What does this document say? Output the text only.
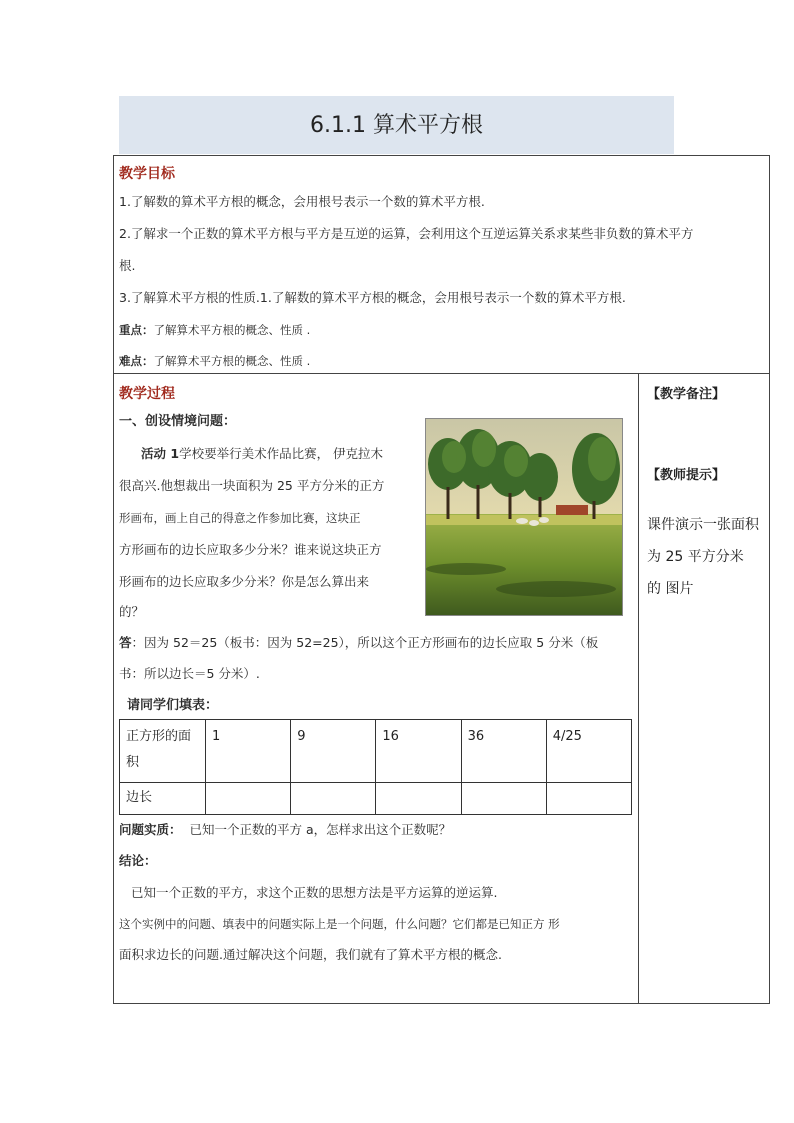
6.1.1 算术平方根
教学目标
1.了解数的算术平方根的概念，会用根号表示一个数的算术平方根.
2.了解求一个正数的算术平方根与平方是互逆的运算，会利用这个互逆运算关系求某些非负数的算术平方
根.
3.了解算术平方根的性质.1.了解数的算术平方根的概念，会用根号表示一个数的算术平方根.
重点：了解算术平方根的概念、性质 .
难点：了解算术平方根的概念、性质 .
教学过程
一、创设情境问题：
活动 1学校要举行美术作品比赛， 伊克拉木
很高兴.他想裁出一块面积为 25 平方分米的正方
形画布，画上自己的得意之作参加比赛，这块正
方形画布的边长应取多少分米？谁来说这块正方
形画布的边长应取多少分米？你是怎么算出来
的？
答：因为 52＝25（板书：因为 52=25），所以这个正方形画布的边长应取 5 分米（板
书：所以边长＝5 分米）.
请同学们填表：
正方形的面积	1	9	16	36	4/25
边长					
问题实质： 已知一个正数的平方 a，怎样求出这个正数呢？
结论：
已知一个正数的平方，求这个正数的思想方法是平方运算的逆运算.
这个实例中的问题、填表中的问题实际上是一个问题，什么问题？它们都是已知正方 形
面积求边长的问题.通过解决这个问题，我们就有了算术平方根的概念.
【教学备注】
【教师提示】
课件演示一张面积
为 25 平方分米
的 图片
